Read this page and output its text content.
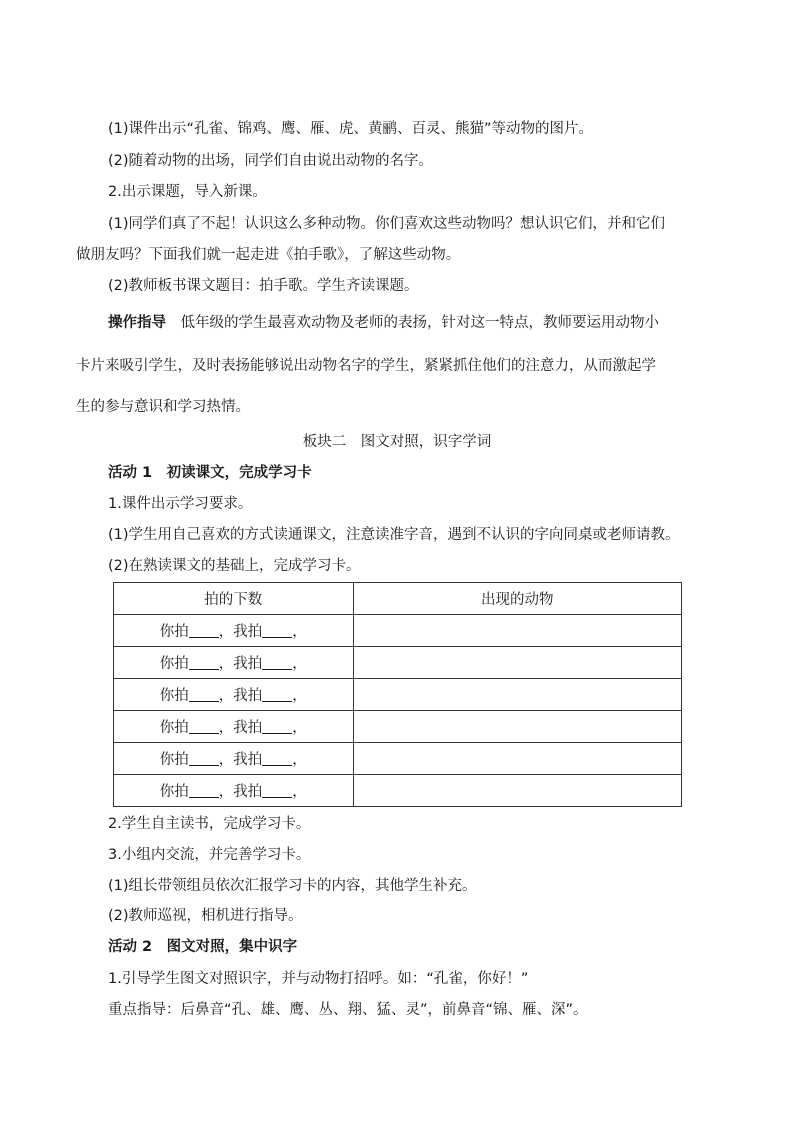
(1)课件出示“孔雀、锦鸡、鹰、雁、虎、黄鹂、百灵、熊猫”等动物的图片。
(2)随着动物的出场，同学们自由说出动物的名字。
2.出示课题，导入新课。
(1)同学们真了不起！认识这么多种动物。你们喜欢这些动物吗？想认识它们，并和它们
做朋友吗？下面我们就一起走进《拍手歌》，了解这些动物。
(2)教师板书课文题目：拍手歌。学生齐读课题。
操作指导　 低年级的学生最喜欢动物及老师的表扬，针对这一特点，教师要运用动物小
卡片来吸引学生，及时表扬能够说出动物名字的学生，紧紧抓住他们的注意力，从而激起学
生的参与意识和学习热情。
板块二　图文对照，识字学词
活动 1　初读课文，完成学习卡
1.课件出示学习要求。
(1)学生用自己喜欢的方式读通课文，注意读准字音，遇到不认识的字向同桌或老师请教。
(2)在熟读课文的基础上，完成学习卡。
拍的下数	出现的动物
你拍 ，我拍 ，	
你拍 ，我拍 ，	
你拍 ，我拍 ，	
你拍 ，我拍 ，	
你拍 ，我拍 ，	
你拍 ，我拍 ，	
2.学生自主读书，完成学习卡。
3.小组内交流，并完善学习卡。
(1)组长带领组员依次汇报学习卡的内容，其他学生补充。
(2)教师巡视，相机进行指导。
活动 2　图文对照，集中识字
1.引导学生图文对照识字，并与动物打招呼。如：“孔雀，你好！”
重点指导：后鼻音“孔、雄、鹰、丛、翔、猛、灵”，前鼻音“锦、雁、深”。
